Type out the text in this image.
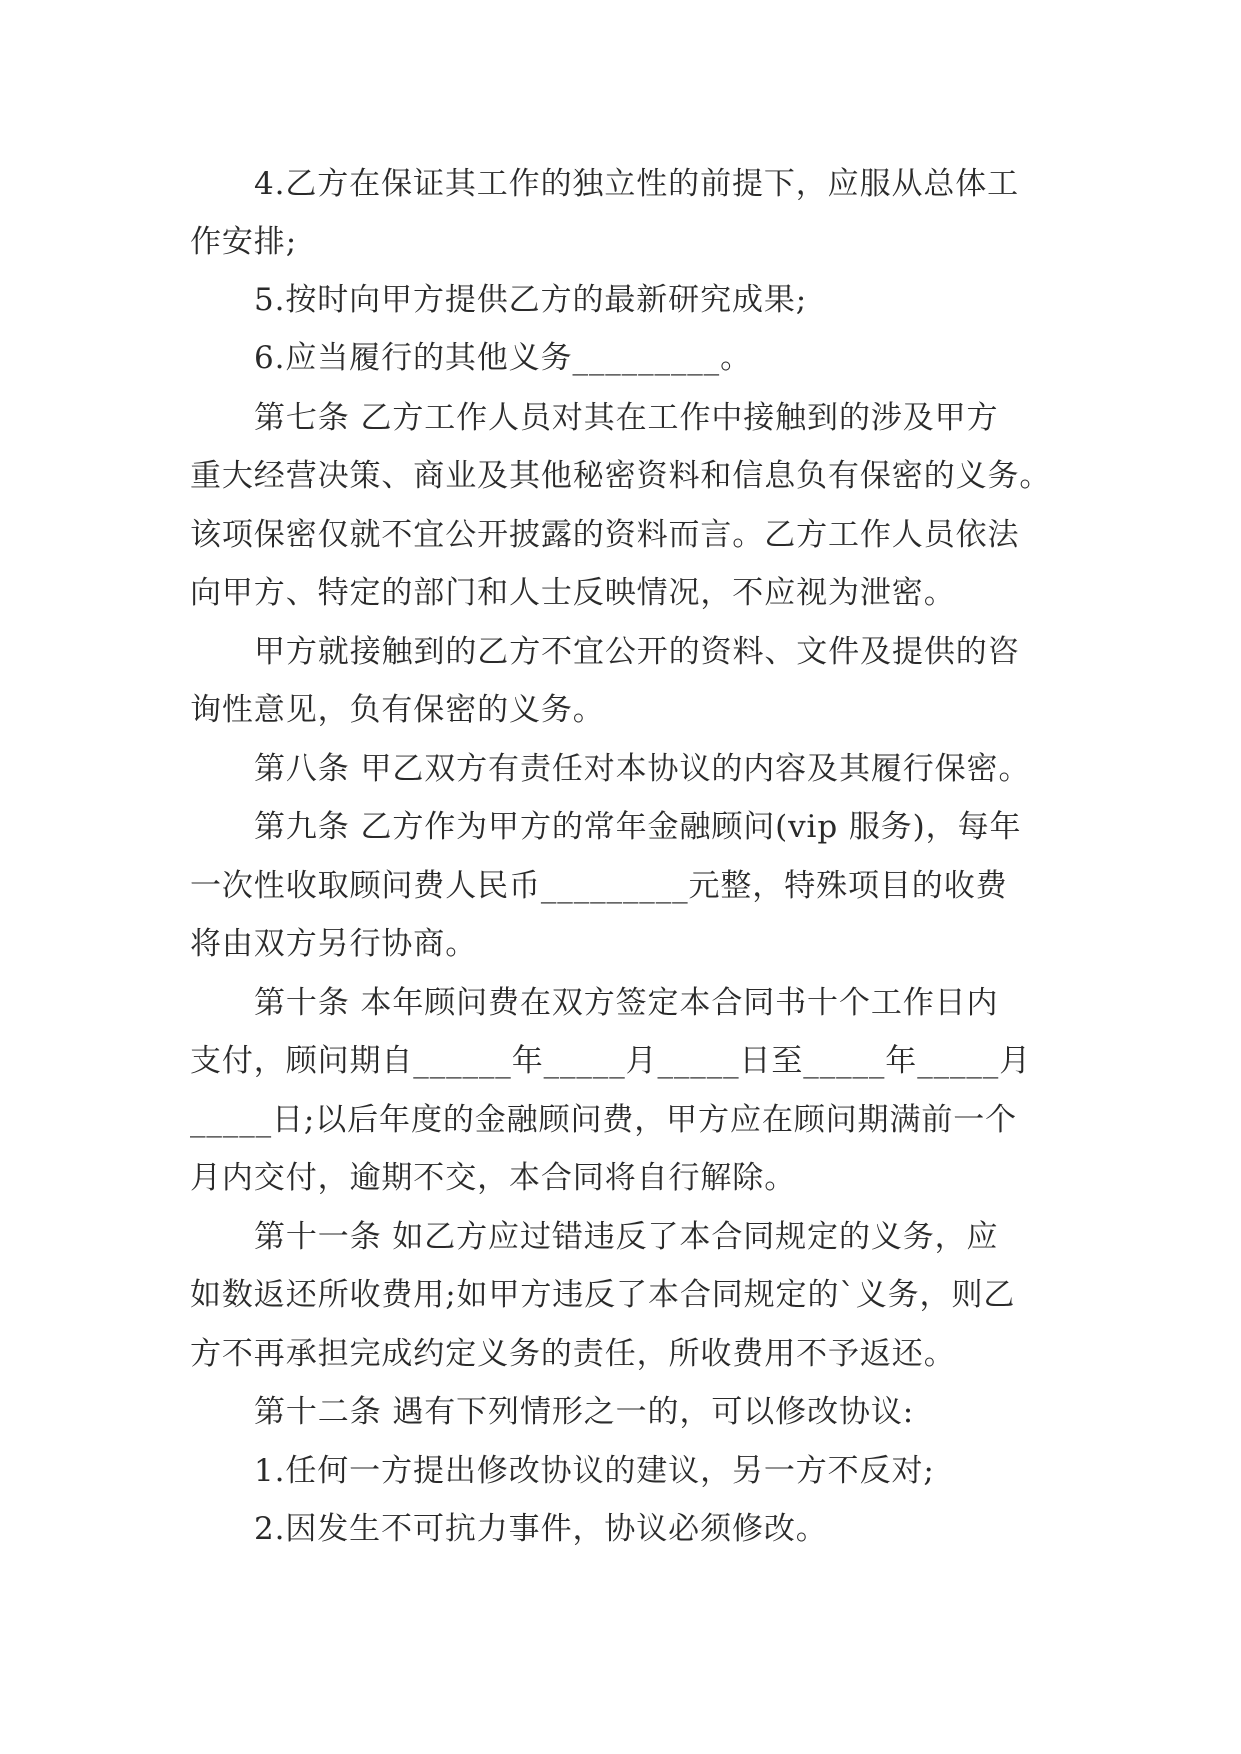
4.乙方在保证其工作的独立性的前提下，应服从总体工
作安排;
5.按时向甲方提供乙方的最新研究成果;
6.应当履行的其他义务_________。
第七条 乙方工作人员对其在工作中接触到的涉及甲方
重大经营决策、商业及其他秘密资料和信息负有保密的义务。
该项保密仅就不宜公开披露的资料而言。乙方工作人员依法
向甲方、特定的部门和人士反映情况，不应视为泄密。
甲方就接触到的乙方不宜公开的资料、文件及提供的咨
询性意见，负有保密的义务。
第八条 甲乙双方有责任对本协议的内容及其履行保密。
第九条 乙方作为甲方的常年金融顾问(vip 服务)，每年
一次性收取顾问费人民币_________元整，特殊项目的收费
将由双方另行协商。
第十条 本年顾问费在双方签定本合同书十个工作日内
支付，顾问期自______年_____月_____日至_____年_____月
_____日;以后年度的金融顾问费，甲方应在顾问期满前一个
月内交付，逾期不交，本合同将自行解除。
第十一条 如乙方应过错违反了本合同规定的义务，应
如数返还所收费用;如甲方违反了本合同规定的`义务，则乙
方不再承担完成约定义务的责任，所收费用不予返还。
第十二条 遇有下列情形之一的，可以修改协议:
1.任何一方提出修改协议的建议，另一方不反对;
2.因发生不可抗力事件，协议必须修改。
